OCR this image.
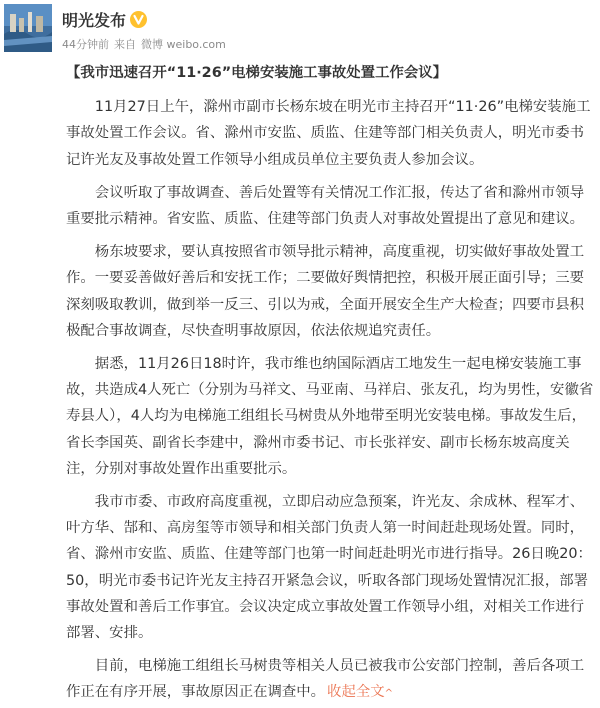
明光发布
44分钟前 来自 微博 weibo.com

【我市迅速召开“11·26”电梯安装施工事故处置工作会议】

11月27日上午，滁州市副市长杨东坡在明光市主持召开“11·26”电梯安装施工事故处置工作会议。省、滁州市安监、质监、住建等部门相关负责人，明光市委书记许光友及事故处置工作领导小组成员单位主要负责人参加会议。

会议听取了事故调查、善后处置等有关情况工作汇报，传达了省和滁州市领导重要批示精神。省安监、质监、住建等部门负责人对事故处置提出了意见和建议。

杨东坡要求，要认真按照省市领导批示精神，高度重视，切实做好事故处置工作。一要妥善做好善后和安抚工作；二要做好舆情把控，积极开展正面引导；三要深刻吸取教训，做到举一反三、引以为戒，全面开展安全生产大检查；四要市县积极配合事故调查，尽快查明事故原因，依法依规追究责任。

据悉，11月26日18时许，我市维也纳国际酒店工地发生一起电梯安装施工事故，共造成4人死亡（分别为马祥文、马亚南、马祥启、张友孔，均为男性，安徽省寿县人），4人均为电梯施工组组长马树贵从外地带至明光安装电梯。事故发生后，省长李国英、副省长李建中，滁州市委书记、市长张祥安、副市长杨东坡高度关注，分别对事故处置作出重要批示。

我市市委、市政府高度重视，立即启动应急预案，许光友、余成林、程军才、叶方华、郜和、高房玺等市领导和相关部门负责人第一时间赶赴现场处置。同时，省、滁州市安监、质监、住建等部门也第一时间赶赴明光市进行指导。26日晚20：50，明光市委书记许光友主持召开紧急会议，听取各部门现场处置情况汇报，部署事故处置和善后工作事宜。会议决定成立事故处置工作领导小组，对相关工作进行部署、安排。

目前，电梯施工组组长马树贵等相关人员已被我市公安部门控制，善后各项工作正在有序开展，事故原因正在调查中。 收起全文^
